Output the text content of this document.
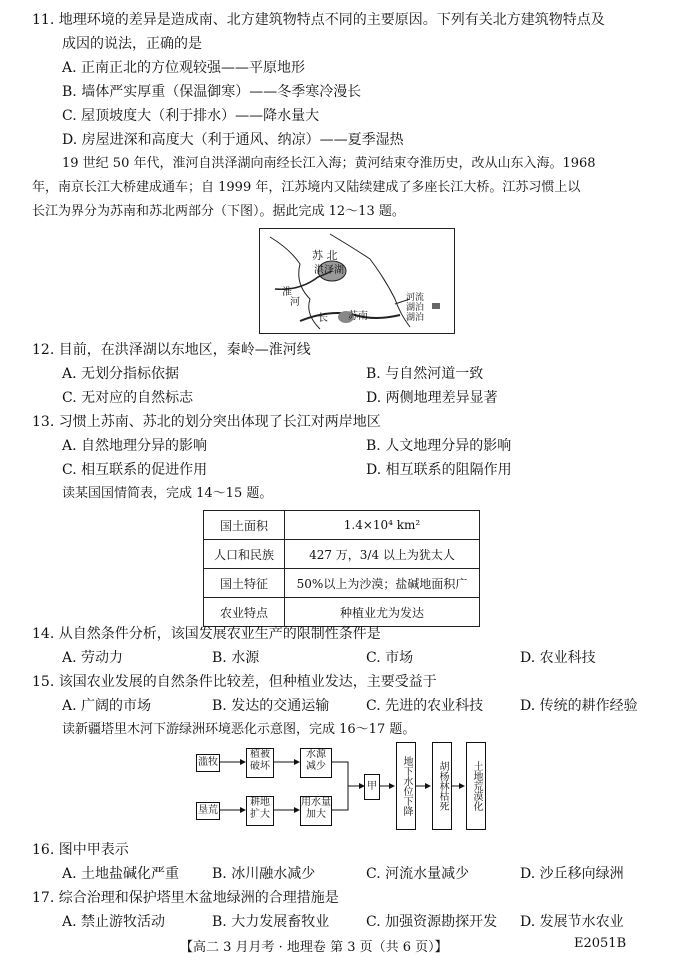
11. 地理环境的差异是造成南、北方建筑物特点不同的主要原因。下列有关北方建筑物特点及
成因的说法，正确的是
A. 正南正北的方位观较强——平原地形
B. 墙体严实厚重（保温御寒）——冬季寒冷漫长
C. 屋顶坡度大（利于排水）——降水量大
D. 房屋进深和高度大（利于通风、纳凉）——夏季湿热
19 世纪 50 年代，淮河自洪泽湖向南经长江入海；黄河结束夺淮历史，改从山东入海。1968
年，南京长江大桥建成通车；自 1999 年，江苏境内又陆续建成了多座长江大桥。江苏习惯上以
长江为界分为苏南和苏北两部分（下图）。据此完成 12～13 题。
苏 北
洪泽湖
淮
河
长 苏南
河流
湖泊
湖泊
12. 目前，在洪泽湖以东地区，秦岭—淮河线
A. 无划分指标依据	B. 与自然河道一致
C. 无对应的自然标志	D. 两侧地理差异显著
13. 习惯上苏南、苏北的划分突出体现了长江对两岸地区
A. 自然地理分异的影响	B. 人文地理分异的影响
C. 相互联系的促进作用	D. 相互联系的阻隔作用
读某国国情简表，完成 14～15 题。
国土面积	1.4×10⁴ km²
人口和民族	427 万，3/4 以上为犹太人
国土特征	50%以上为沙漠；盐碱地面积广
农业特点	种植业尤为发达
14. 从自然条件分析，该国发展农业生产的限制性条件是
A. 劳动力	B. 水源	C. 市场	D. 农业科技
15. 该国农业发展的自然条件比较差，但种植业发达，主要受益于
A. 广阔的市场	B. 发达的交通运输	C. 先进的农业科技	D. 传统的耕作经验
读新疆塔里木河下游绿洲环境恶化示意图，完成 16～17 题。
滥牧
植被
破坏
水源
减少
垦荒
耕地
扩大
用水量
加大
甲	地下水位下降	胡杨林枯死	土地荒漠化
16. 图中甲表示
A. 土地盐碱化严重 B. 冰川融水减少	C. 河流水量减少	D. 沙丘移向绿洲
17. 综合治理和保护塔里木盆地绿洲的合理措施是
A. 禁止游牧活动	B. 大力发展畜牧业	C. 加强资源勘探开发 D. 发展节水农业
【高二 3 月月考 · 地理卷 第 3 页（共 6 页）】	E2051B
